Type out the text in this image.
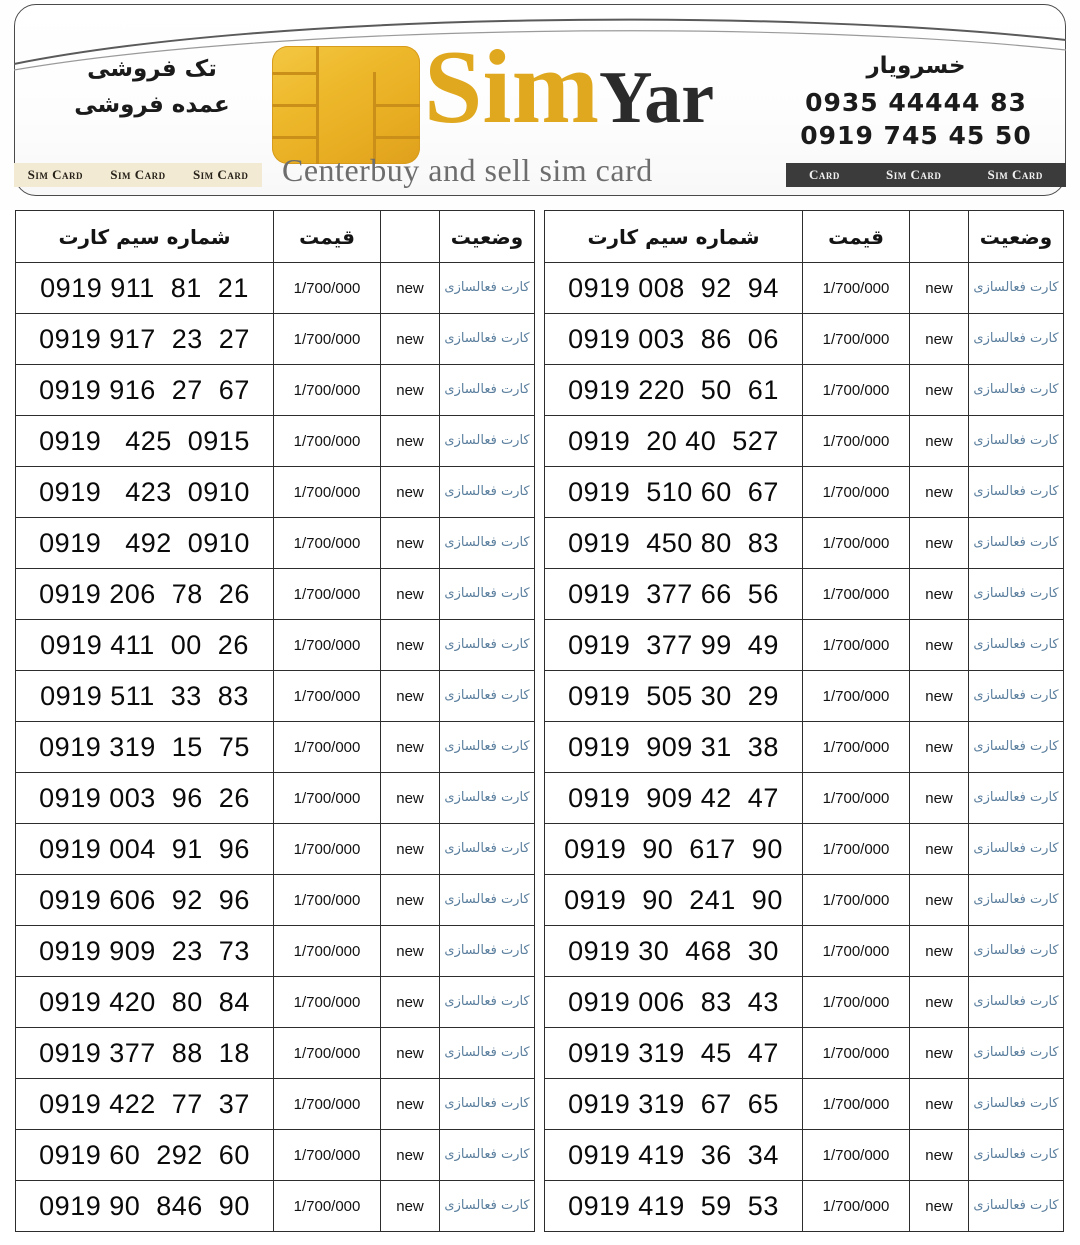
تک فروشی
عمده فروشی	SimYar
Centerbuy and sell sim card
خسرویار
0935 44444 83
0919 745 45 50
Sim Card Sim Card Sim Card	Card	Sim Card	Sim Card
شماره سیم کارت	قیمت		وضعیت
0919 008  92  94	1/700/000	new	کارت فعالسازی
0919 003  86  06	1/700/000	new	کارت فعالسازی
0919 220  50  61	1/700/000	new	کارت فعالسازی
0919  20 40  527	1/700/000	new	کارت فعالسازی
0919  510 60  67	1/700/000	new	کارت فعالسازی
0919  450 80  83	1/700/000	new	کارت فعالسازی
0919  377 66  56	1/700/000	new	کارت فعالسازی
0919  377 99  49	1/700/000	new	کارت فعالسازی
0919  505 30  29	1/700/000	new	کارت فعالسازی
0919  909 31  38	1/700/000	new	کارت فعالسازی
0919  909 42  47	1/700/000	new	کارت فعالسازی
0919  90  617  90	1/700/000	new	کارت فعالسازی
0919  90  241  90	1/700/000	new	کارت فعالسازی
0919 30  468  30	1/700/000	new	کارت فعالسازی
0919 006  83  43	1/700/000	new	کارت فعالسازی
0919 319  45  47	1/700/000	new	کارت فعالسازی
0919 319  67  65	1/700/000	new	کارت فعالسازی
0919 419  36  34	1/700/000	new	کارت فعالسازی
0919 419  59  53	1/700/000	new	کارت فعالسازی
شماره سیم کارت	قیمت		وضعیت
0919 911  81  21	1/700/000	new	کارت فعالسازی
0919 917  23  27	1/700/000	new	کارت فعالسازی
0919 916  27  67	1/700/000	new	کارت فعالسازی
0919   425  0915	1/700/000	new	کارت فعالسازی
0919   423  0910	1/700/000	new	کارت فعالسازی
0919   492  0910	1/700/000	new	کارت فعالسازی
0919 206  78  26	1/700/000	new	کارت فعالسازی
0919 411  00  26	1/700/000	new	کارت فعالسازی
0919 511  33  83	1/700/000	new	کارت فعالسازی
0919 319  15  75	1/700/000	new	کارت فعالسازی
0919 003  96  26	1/700/000	new	کارت فعالسازی
0919 004  91  96	1/700/000	new	کارت فعالسازی
0919 606  92  96	1/700/000	new	کارت فعالسازی
0919 909  23  73	1/700/000	new	کارت فعالسازی
0919 420  80  84	1/700/000	new	کارت فعالسازی
0919 377  88  18	1/700/000	new	کارت فعالسازی
0919 422  77  37	1/700/000	new	کارت فعالسازی
0919 60  292  60	1/700/000	new	کارت فعالسازی
0919 90  846  90	1/700/000	new	کارت فعالسازی
